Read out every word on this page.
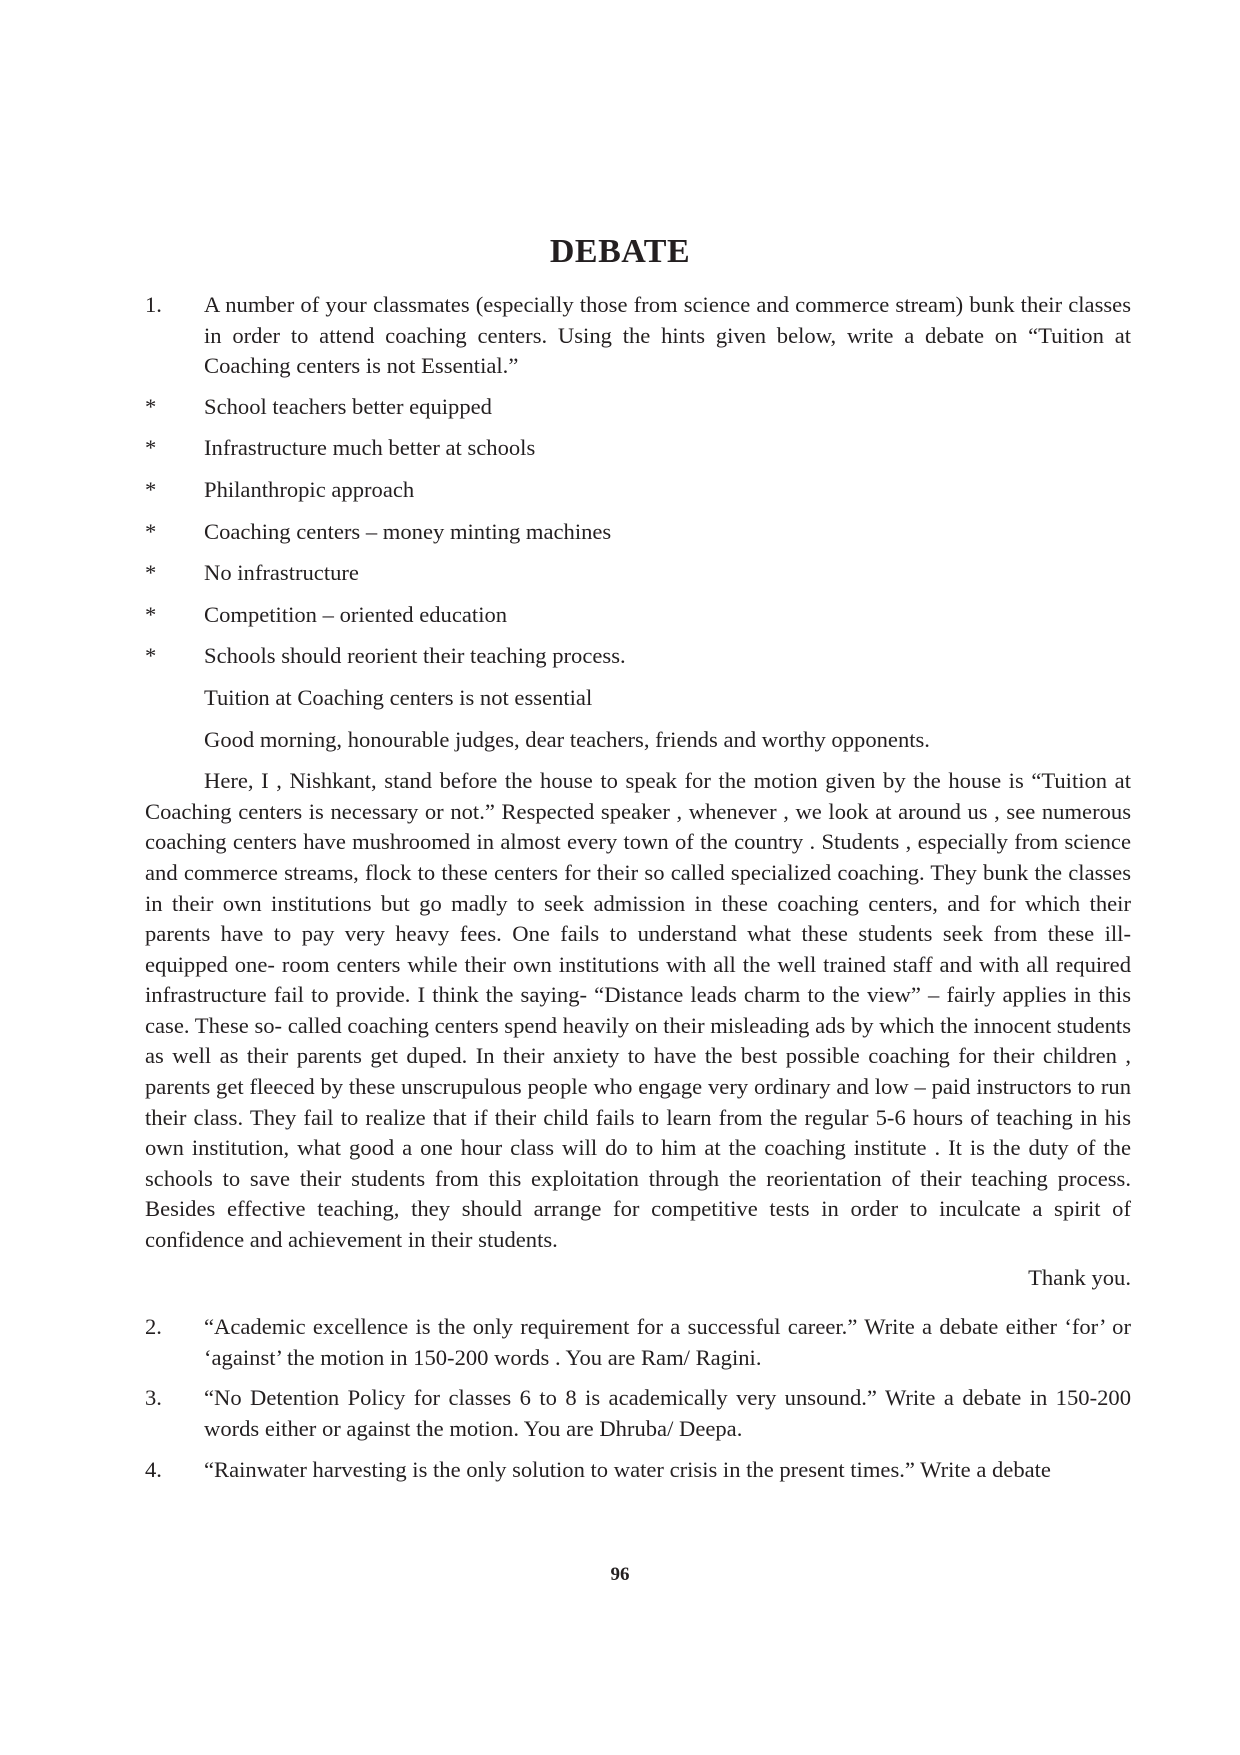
DEBATE
1.	A number of your classmates (especially those from science and commerce stream) bunk their classes in order to attend coaching centers. Using the hints given below, write a debate on “Tuition at Coaching centers is not Essential.”
*	School teachers better equipped
*	Infrastructure much better at schools
*	Philanthropic approach
*	Coaching centers – money minting machines
*	No infrastructure
*	Competition – oriented education
*	Schools should reorient their teaching process.
Tuition at Coaching centers is not essential
Good morning, honourable judges, dear teachers, friends and worthy opponents.

Here, I , Nishkant, stand before the house to speak for the motion given by the house is “Tuition at Coaching centers is necessary or not.” Respected speaker , whenever , we look at around us , see numerous coaching centers have mushroomed in almost every town of the country . Students , especially from science and commerce streams, flock to these centers for their so called specialized coaching. They bunk the classes in their own institutions but go madly to seek admission in these coaching centers, and for which their parents have to pay very heavy fees. One fails to understand what these students seek from these ill- equipped one- room centers while their own institutions with all the well trained staff and with all required infrastructure fail to provide. I think the saying- “Distance leads charm to the view” – fairly applies in this case. These so- called coaching centers spend heavily on their misleading ads by which the innocent students as well as their parents get duped. In their anxiety to have the best possible coaching for their children , parents get fleeced by these unscrupulous people who engage very ordinary and low – paid instructors to run their class. They fail to realize that if their child fails to learn from the regular 5-6 hours of teaching in his own institution, what good a one hour class will do to him at the coaching institute . It is the duty of the schools to save their students from this exploitation through the reorientation of their teaching process. Besides effective teaching, they should arrange for competitive tests in order to inculcate a spirit of confidence and achievement in their students.

Thank you.
2.	“Academic excellence is the only requirement for a successful career.” Write a debate either ‘for’ or ‘against’ the motion in 150-200 words . You are Ram/ Ragini.
3.	“No Detention Policy for classes 6 to 8 is academically very unsound.” Write a debate in 150-200 words either or against the motion. You are Dhruba/ Deepa.
4.	“Rainwater harvesting is the only solution to water crisis in the present times.” Write a debate
96
